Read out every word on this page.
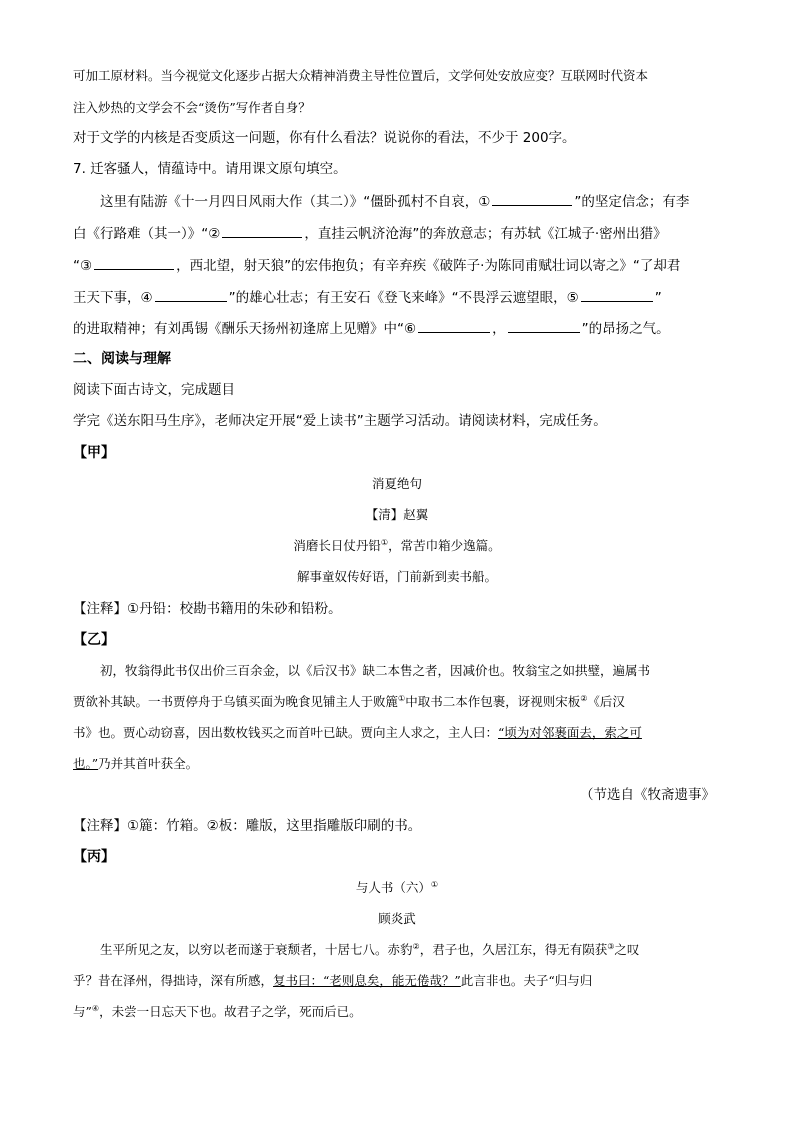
可加工原材料。当今视觉文化逐步占据大众精神消费主导性位置后，文学何处安放应变？互联网时代资本
注入炒热的文学会不会“烫伤”写作者自身？
对于文学的内核是否变质这一问题，你有什么看法？说说你的看法，不少于 200字。
7. 迁客骚人，情蕴诗中。请用课文原句填空。
这里有陆游《十一月四日风雨大作（其二）》“僵卧孤村不自哀，①	”的坚定信念；有李
白《行路难（其一）》“②	，直挂云帆济沧海”的奔放意志；有苏轼《江城子·密州出猎》
“③	，西北望，射天狼”的宏伟抱负；有辛弃疾《破阵子·为陈同甫赋壮词以寄之》“了却君
王天下事，④	”的雄心壮志；有王安石《登飞来峰》“不畏浮云遮望眼，⑤	”
的进取精神；有刘禹锡《酬乐天扬州初逢席上见赠》中“⑥	，	”的昂扬之气。
二、阅读与理解
阅读下面古诗文，完成题目
学完《送东阳马生序》，老师决定开展“爱上读书”主题学习活动。请阅读材料，完成任务。
【甲】
消夏绝句
【清】赵翼
消磨长日仗丹铅①，常苦巾箱少逸篇。
解事童奴传好语，门前新到卖书船。
【注释】①丹铅：校勘书籍用的朱砂和铅粉。
【乙】
初，牧翁得此书仅出价三百余金，以《后汉书》缺二本售之者，因减价也。牧翁宝之如拱璧，遍属书
贾欲补其缺。一书贾停舟于乌镇买面为晚食见铺主人于败簏①中取书二本作包裹，讶视则宋板②《后汉
书》也。贾心动窃喜，因出数枚钱买之而首叶已缺。贾向主人求之，主人曰：“顷为对邻裹面去，索之可
也。”乃并其首叶获全。
（节选自《牧斋遗事》
【注释】①簏：竹箱。②板：雕版，这里指雕版印刷的书。
【丙】
与人书（六）①
顾炎武
生平所见之友，以穷以老而遂于衰颓者，十居七八。赤豹②，君子也，久居江东，得无有陨获③之叹
乎？昔在泽州，得拙诗，深有所感，复书曰：“老则息矣，能无倦哉？”此言非也。夫子“归与归
与”④，未尝一日忘天下也。故君子之学，死而后已。
